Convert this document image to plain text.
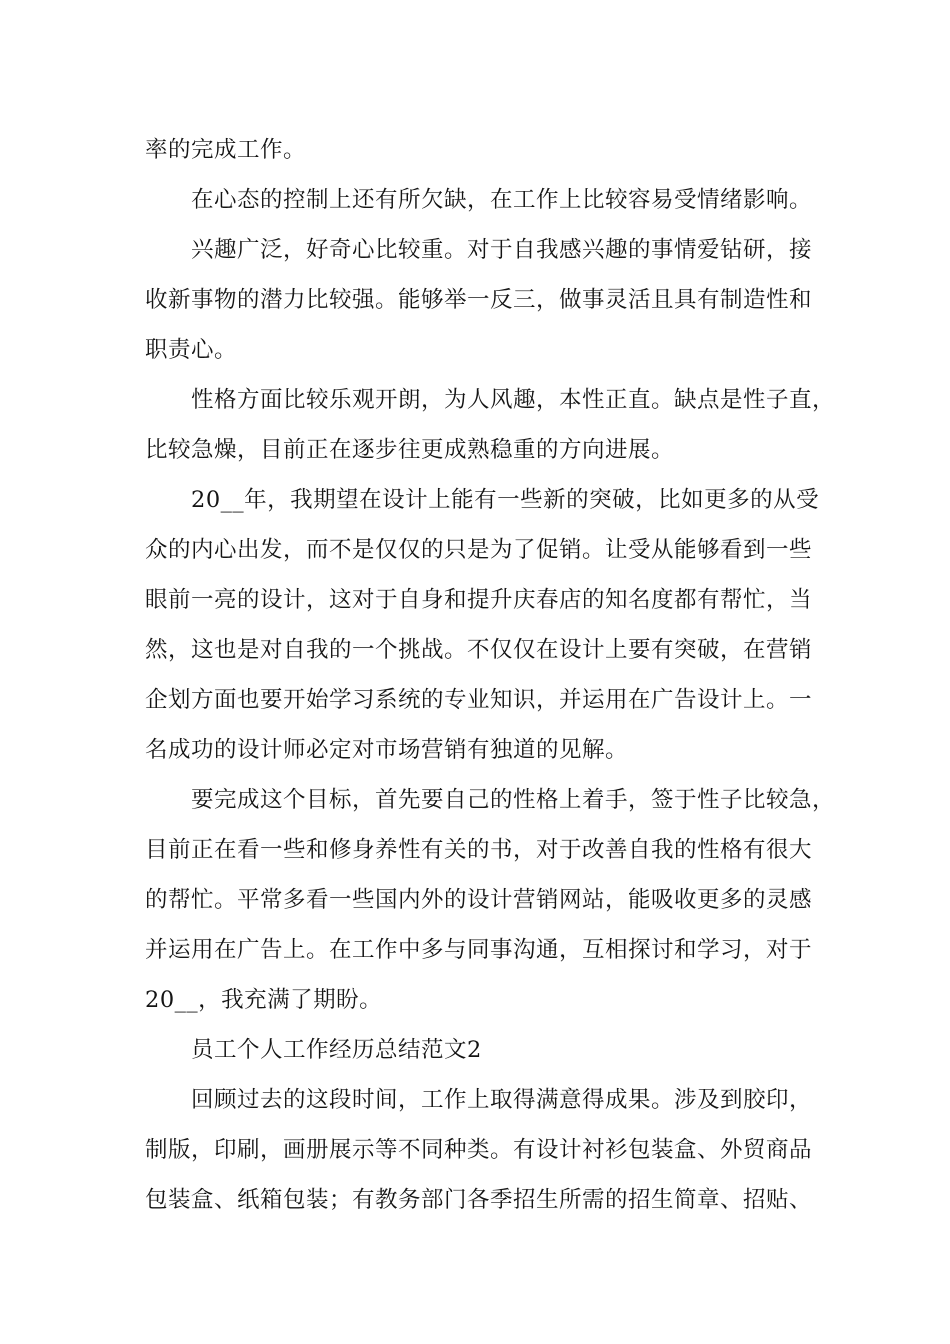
率的完成工作。
在心态的控制上还有所欠缺，在工作上比较容易受情绪影响。
兴趣广泛，好奇心比较重。对于自我感兴趣的事情爱钻研，接
收新事物的潜力比较强。能够举一反三，做事灵活且具有制造性和
职责心。
性格方面比较乐观开朗，为人风趣，本性正直。缺点是性子直，
比较急燥，目前正在逐步往更成熟稳重的方向进展。
20__年，我期望在设计上能有一些新的突破，比如更多的从受
众的内心出发，而不是仅仅的只是为了促销。让受从能够看到一些
眼前一亮的设计，这对于自身和提升庆春店的知名度都有帮忙，当
然，这也是对自我的一个挑战。不仅仅在设计上要有突破，在营销
企划方面也要开始学习系统的专业知识，并运用在广告设计上。一
名成功的设计师必定对市场营销有独道的见解。
要完成这个目标，首先要自己的性格上着手，签于性子比较急，
目前正在看一些和修身养性有关的书，对于改善自我的性格有很大
的帮忙。平常多看一些国内外的设计营销网站，能吸收更多的灵感
并运用在广告上。在工作中多与同事沟通，互相探讨和学习，对于
20__，我充满了期盼。
员工个人工作经历总结范文2
回顾过去的这段时间，工作上取得满意得成果。涉及到胶印，
制版，印刷，画册展示等不同种类。有设计衬衫包装盒、外贸商品
包装盒、纸箱包装；有教务部门各季招生所需的招生简章、招贴、
